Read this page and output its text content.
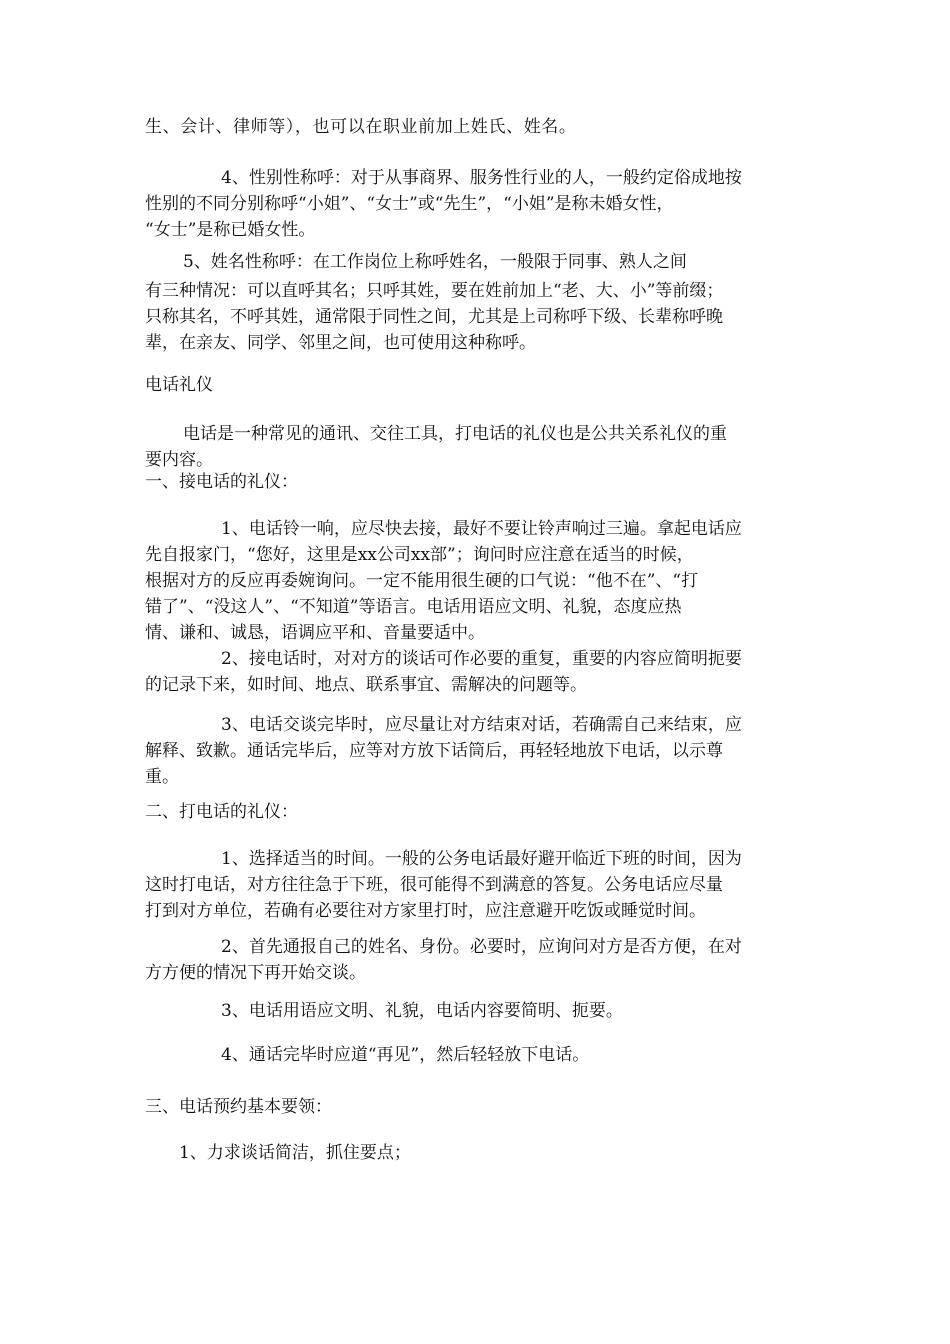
生、会计、律师等），也可以在职业前加上姓氏、姓名。
4、性别性称呼：对于从事商界、服务性行业的人，一般约定俗成地按
性别的不同分别称呼“小姐”、“女士”或“先生”，“小姐”是称未婚女性，
“女士”是称已婚女性。
5、姓名性称呼：在工作岗位上称呼姓名，一般限于同事、熟人之间
有三种情况：可以直呼其名；只呼其姓，要在姓前加上“老、大、小”等前缀；
只称其名，不呼其姓，通常限于同性之间，尤其是上司称呼下级、长辈称呼晚
辈，在亲友、同学、邻里之间，也可使用这种称呼。
电话礼仪
电话是一种常见的通讯、交往工具，打电话的礼仪也是公共关系礼仪的重
要内容。
一、接电话的礼仪：
1、电话铃一响，应尽快去接，最好不要让铃声响过三遍。拿起电话应
先自报家门，“您好，这里是xx公司xx部”；询问时应注意在适当的时候，
根据对方的反应再委婉询问。一定不能用很生硬的口气说：“他不在”、“打
错了”、“没这人”、“不知道”等语言。电话用语应文明、礼貌，态度应热
情、谦和、诚恳，语调应平和、音量要适中。
2、接电话时，对对方的谈话可作必要的重复，重要的内容应简明扼要
的记录下来，如时间、地点、联系事宜、需解决的问题等。
3、电话交谈完毕时，应尽量让对方结束对话，若确需自己来结束，应
解释、致歉。通话完毕后，应等对方放下话筒后，再轻轻地放下电话，以示尊
重。
二、打电话的礼仪：
1、选择适当的时间。一般的公务电话最好避开临近下班的时间，因为
这时打电话，对方往往急于下班，很可能得不到满意的答复。公务电话应尽量
打到对方单位，若确有必要往对方家里打时，应注意避开吃饭或睡觉时间。
2、首先通报自己的姓名、身份。必要时，应询问对方是否方便，在对
方方便的情况下再开始交谈。
3、电话用语应文明、礼貌，电话内容要简明、扼要。
4、通话完毕时应道“再见”，然后轻轻放下电话。
三、电话预约基本要领：
1、力求谈话简洁，抓住要点；
